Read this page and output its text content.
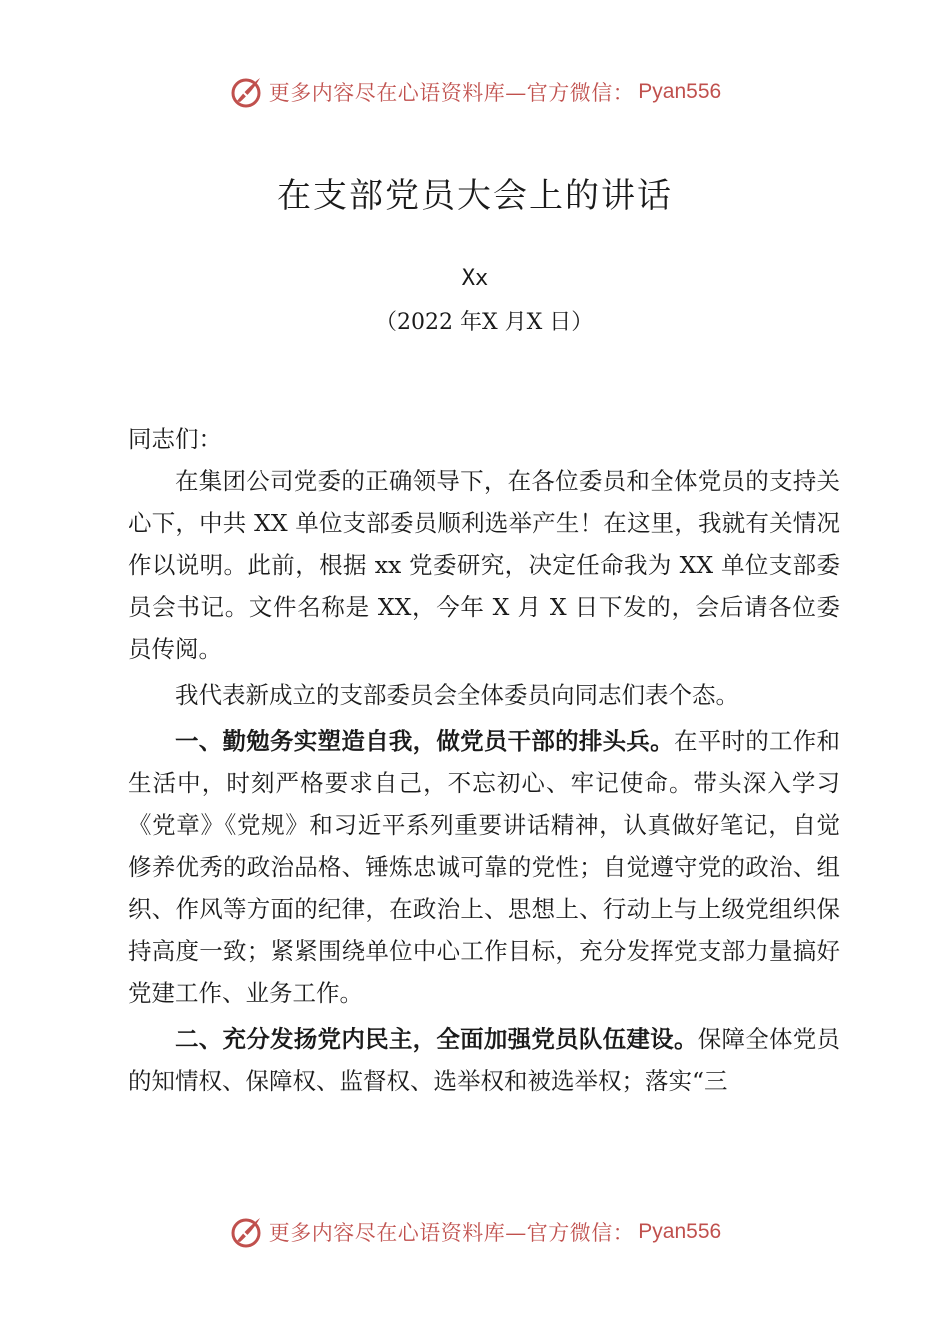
更多内容尽在心语资料库—官方微信： Pyan556
在支部党员大会上的讲话
Xx
（2022 年X 月X 日）

同志们：

在集团公司党委的正确领导下，在各位委员和全体党员的支持关心下，中共 XX 单位支部委员顺利选举产生！在这里，我就有关情况作以说明。此前，根据 xx 党委研究，决定任命我为 XX 单位支部委员会书记。文件名称是 XX，今年 X 月 X 日下发的，会后请各位委员传阅。

我代表新成立的支部委员会全体委员向同志们表个态。

一、勤勉务实塑造自我，做党员干部的排头兵。在平时的工作和生活中，时刻严格要求自己，不忘初心、牢记使命。带头深入学习《党章》《党规》和习近平系列重要讲话精神，认真做好笔记，自觉修养优秀的政治品格、锤炼忠诚可靠的党性；自觉遵守党的政治、组织、作风等方面的纪律，在政治上、思想上、行动上与上级党组织保持高度一致；紧紧围绕单位中心工作目标，充分发挥党支部力量搞好党建工作、业务工作。

二、充分发扬党内民主，全面加强党员队伍建设。保障全体党员的知情权、保障权、监督权、选举权和被选举权；落实“三

更多内容尽在心语资料库—官方微信： Pyan556
